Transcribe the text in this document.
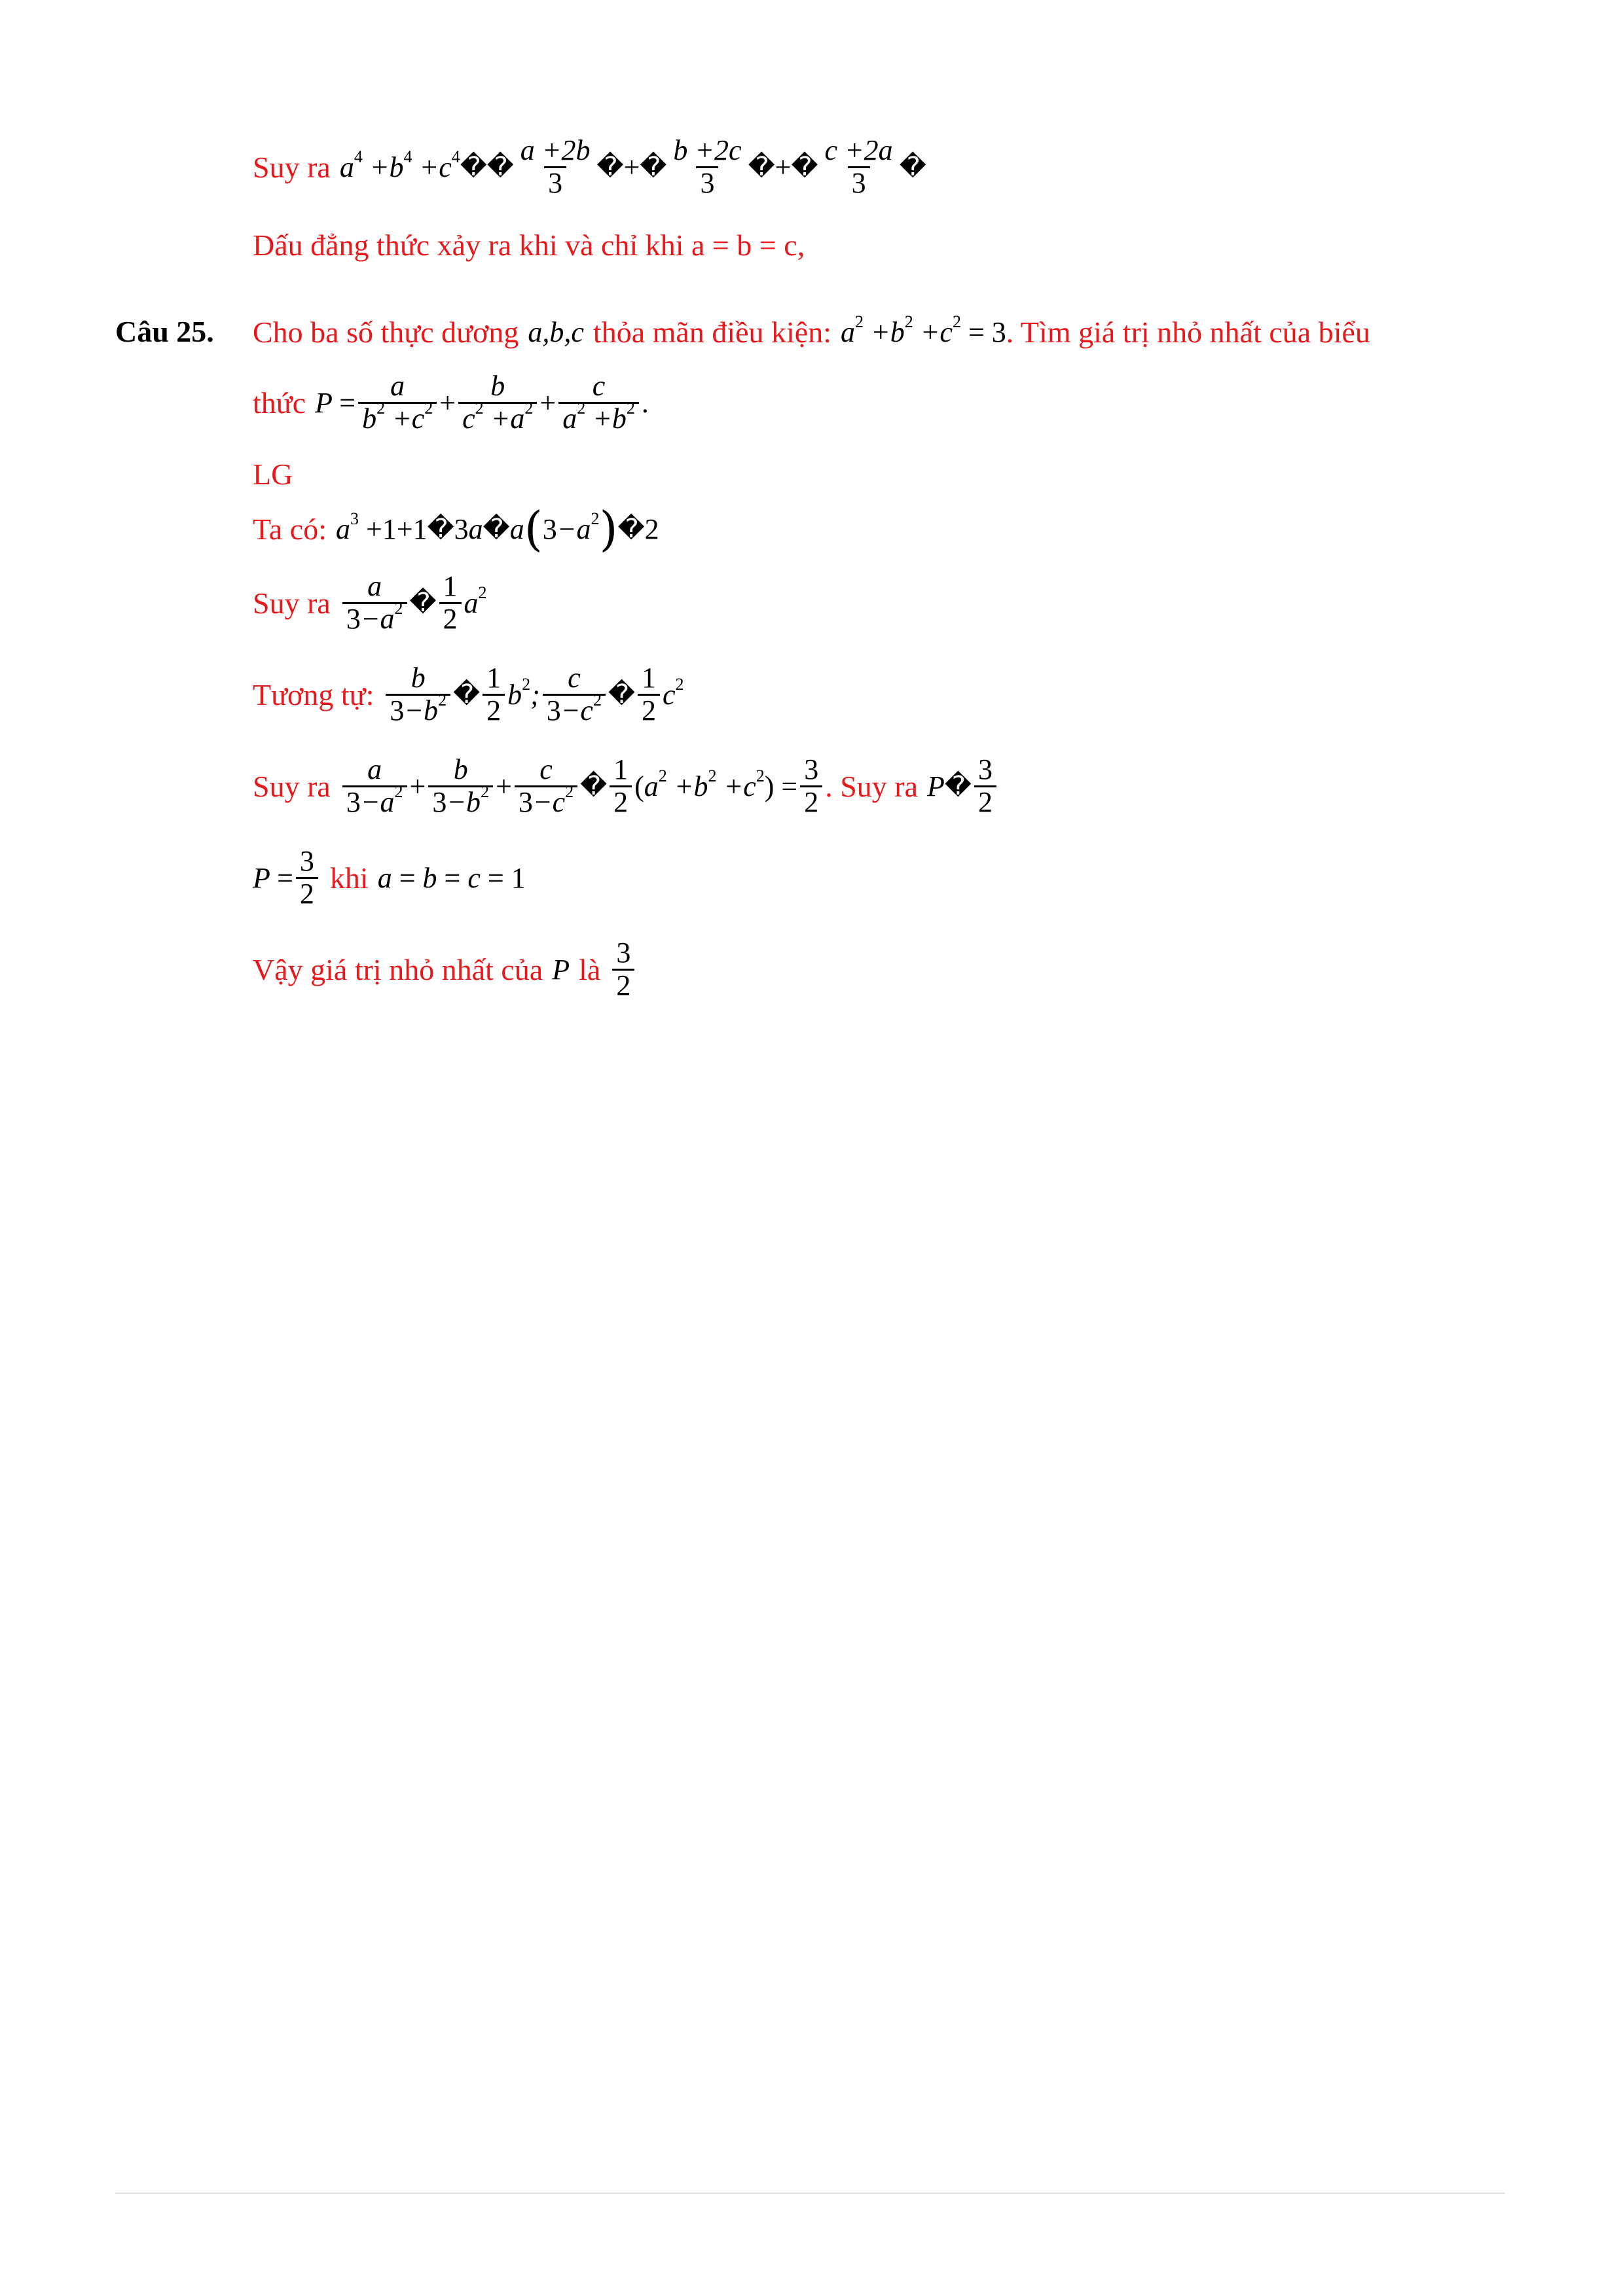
Suy ra $a^4 +b^4 +c^4$ � � $\frac{a +2b}{3}$ � + � $\frac{b +2c}{3}$ � + � $\frac{c +2a}{3}$ �
Dấu đẳng thức xảy ra khi và chỉ khi a = b = c,
Câu 25. Cho ba số thực dương a,b,c thỏa mãn điều kiện: $a^2 +b^2 +c^2 = 3$ . Tìm giá trị nhỏ nhất của biểu
thức $P = \frac{a}{b^2 +c^2} + \frac{b}{c^2 +a^2} + \frac{c}{a^2 +b^2}$ .
LG
Ta có: $a^3 +1+1$ � 3a � a ( $3-a^2$ ) � 2
Suy ra $\frac{a}{3-a^2}$ � $\frac{1}{2} a^2$
Tương tự: $\frac{b}{3-b^2}$ � $\frac{1}{2} b^2$; $\frac{c}{3-c^2}$ � $\frac{1}{2} c^2$
Suy ra $\frac{a}{3-a^2} + \frac{b}{3-b^2} + \frac{c}{3-c^2}$ � $\frac{1}{2} (a^2 +b^2 +c^2) = \frac{3}{2}$ . Suy ra P � $\frac{3}{2}$
$P = \frac{3}{2}$ khi a = b = c = 1
Vậy giá trị nhỏ nhất của P là $\frac{3}{2}$
